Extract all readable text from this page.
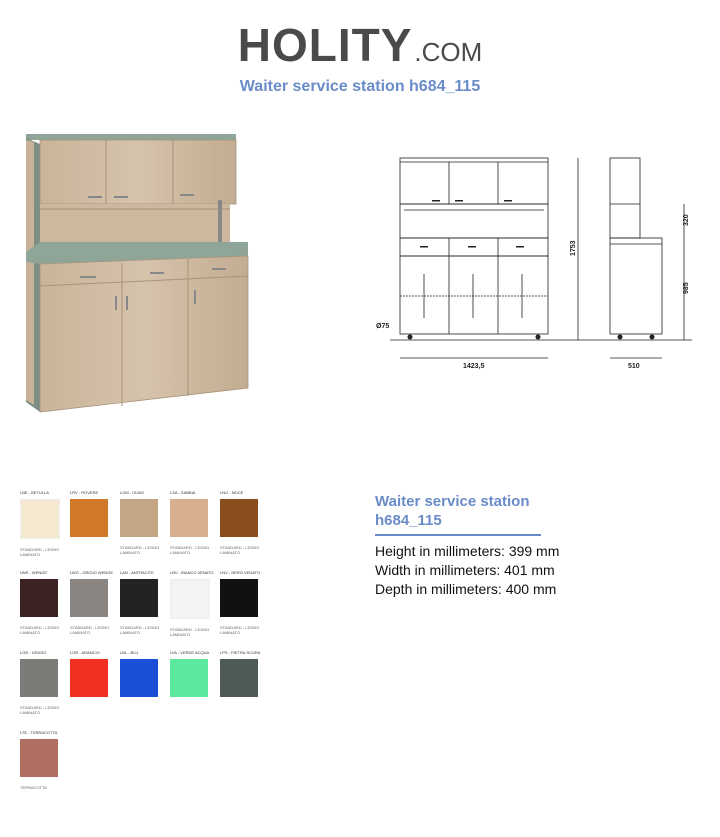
HOLITY .COM
Waiter service station h684_115
320
1753
985
Ø75
1423,5	510
LBE - BETULLA
STANDARD - LEGNO LAMINATO
LRV - ROVERE	LOM - OLMO
STANDARD - LEGNO LAMINATO
LSA - SABBIA
STANDARD - LEGNO LAMINATO
LNO - NOCE
STANDARD - LEGNO LAMINATO
LWE - WENGE'
STANDARD - LEGNO LAMINATO
LWG - GRIGIO WENGE
STANDARD - LEGNO LAMINATO
LAN - ANTRACITE
STANDARD - LEGNO LAMINATO
LBV - BIANCO VENATO
STANDARD - LEGNO LAMINATO
LNV - NERO VENATO
STANDARD - LEGNO LAMINATO
LGR - GRIGIO
STANDARD - LEGNO LAMINATO
LOR - ARANCIO	LBL - BLU	LVA - VERDE ACQUA	LPS - PIETRA SCURA
LTE - TERRACOTTA
TERRACOTTA
Waiter service station
h684_115
Height in millimeters: 399 mm
Width in millimeters: 401 mm
Depth in millimeters: 400 mm
